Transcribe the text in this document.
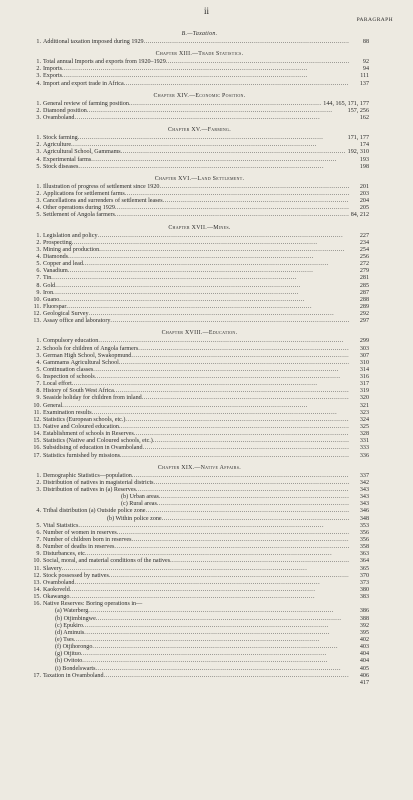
ii
PARAGRAPH
B.—Taxation.
1. Additional taxation imposed during 1929 . . .	88
Chapter XIII.—Trade Statistics.
1. Total annual Imports and exports from 1920–1929 . . .	92
2. Imports . . .	94
3. Exports . . .	111
4. Import and export trade in Africa . . .	137
Chapter XIV.—Economic Position.
1. General review of farming position . . .	144, 165, 171, 177
2. Diamond position . . .	157, 256
3. Ovamboland . . .	162
Chapter XV.—Farming.
1. Stock farming . . .	171, 177
2. Agriculture . . .	174
3. Agricultural School, Gammams . . .	192, 310
4. Experimental farms . . .	193
5. Stock diseases . . .	198
Chapter XVI.—Land Settlement.
1. Illustration of progress of settlement since 1920 . . .	201
2. Applications for settlement farms . . .	203
3. Cancellations and surrenders of settlement leases . . .	204
4. Other operations during 1929 . . .	205
5. Settlement of Angola farmers . . .	84, 212
Chapter XVII.—Mines.
1. Legislation and policy . . .	227
2. Prospecting . . .	234
3. Mining and production . . .	254
4. Diamonds . . .	256
5. Copper and lead . . .	272
6. Vanadium . . .	279
7. Tin . . .	281
8. Gold . . .	285
9. Iron . . .	287
10. Guano . . .	288
11. Fluorspar . . .	289
12. Geological Survey . . .	292
13. Assay office and laboratory . . .	297
Chapter XVIII.—Education.
1. Compulsory education . . .	299
2. Schools for children of Angola farmers . . .	303
3. German High School, Swakopmund . . .	307
4. Gammams Agricultural School . . .	310
5. Continuation classes . . .	314
6. Inspection of schools . . .	316
7. Local effort . . .	317
8. History of South West Africa . . .	319
9. Seaside holiday for children from inland . . .	320
10. General . . .	321
11. Examination results . . .	323
12. Statistics (European schools, etc.) . . .	324
13. Native and Coloured education . . .	325
14. Establishment of schools in Reserves . . .	328
15. Statistics (Native and Coloured schools, etc.) . . .	331
16. Subsidising of education in Ovamboland . . .	333
17. Statistics furnished by missions . . .	336
Chapter XIX.—Native Affairs.
1. Demographic Statistics—population . . .	337
2. Distribution of natives in magisterial districts . . .	342
3. Distribution of natives in (a) Reserves . . .	343
(b) Urban areas . . .	343
(c) Rural areas . . .	343
4. Tribal distribution (a) Outside police zone . . .	346
(b) Within police zone . . .	348
5. Vital Statistics . . .	353
6. Number of women in reserves . . .	356
7. Number of children born in reserves . . .	356
8. Number of deaths in reserves . . .	358
9. Disturbances, etc. . . .	363
10. Social, moral, and material conditions of the natives . . .	364
11. Slavery . . .	365
12. Stock possessed by natives . . .	370
13. Ovamboland . . .	373
14. Kaokoveld . . .	380
15. Okawango . . .	383
16. Native Reserves: Boring operations in—
(a) Waterberg . . .	386
(b) Otjimbingwe . . .	388
(c) Epukiro . . .	392
(d) Aminuis . . .	395
(e) Tses . . .	402
(f) Otjihorongo . . .	403
(g) Otjituo . . .	404
(h) Ovitoto . . .	404
(i) Bondelswarts . . .	405
17. Taxation in Ovamboland . . .	406
417
